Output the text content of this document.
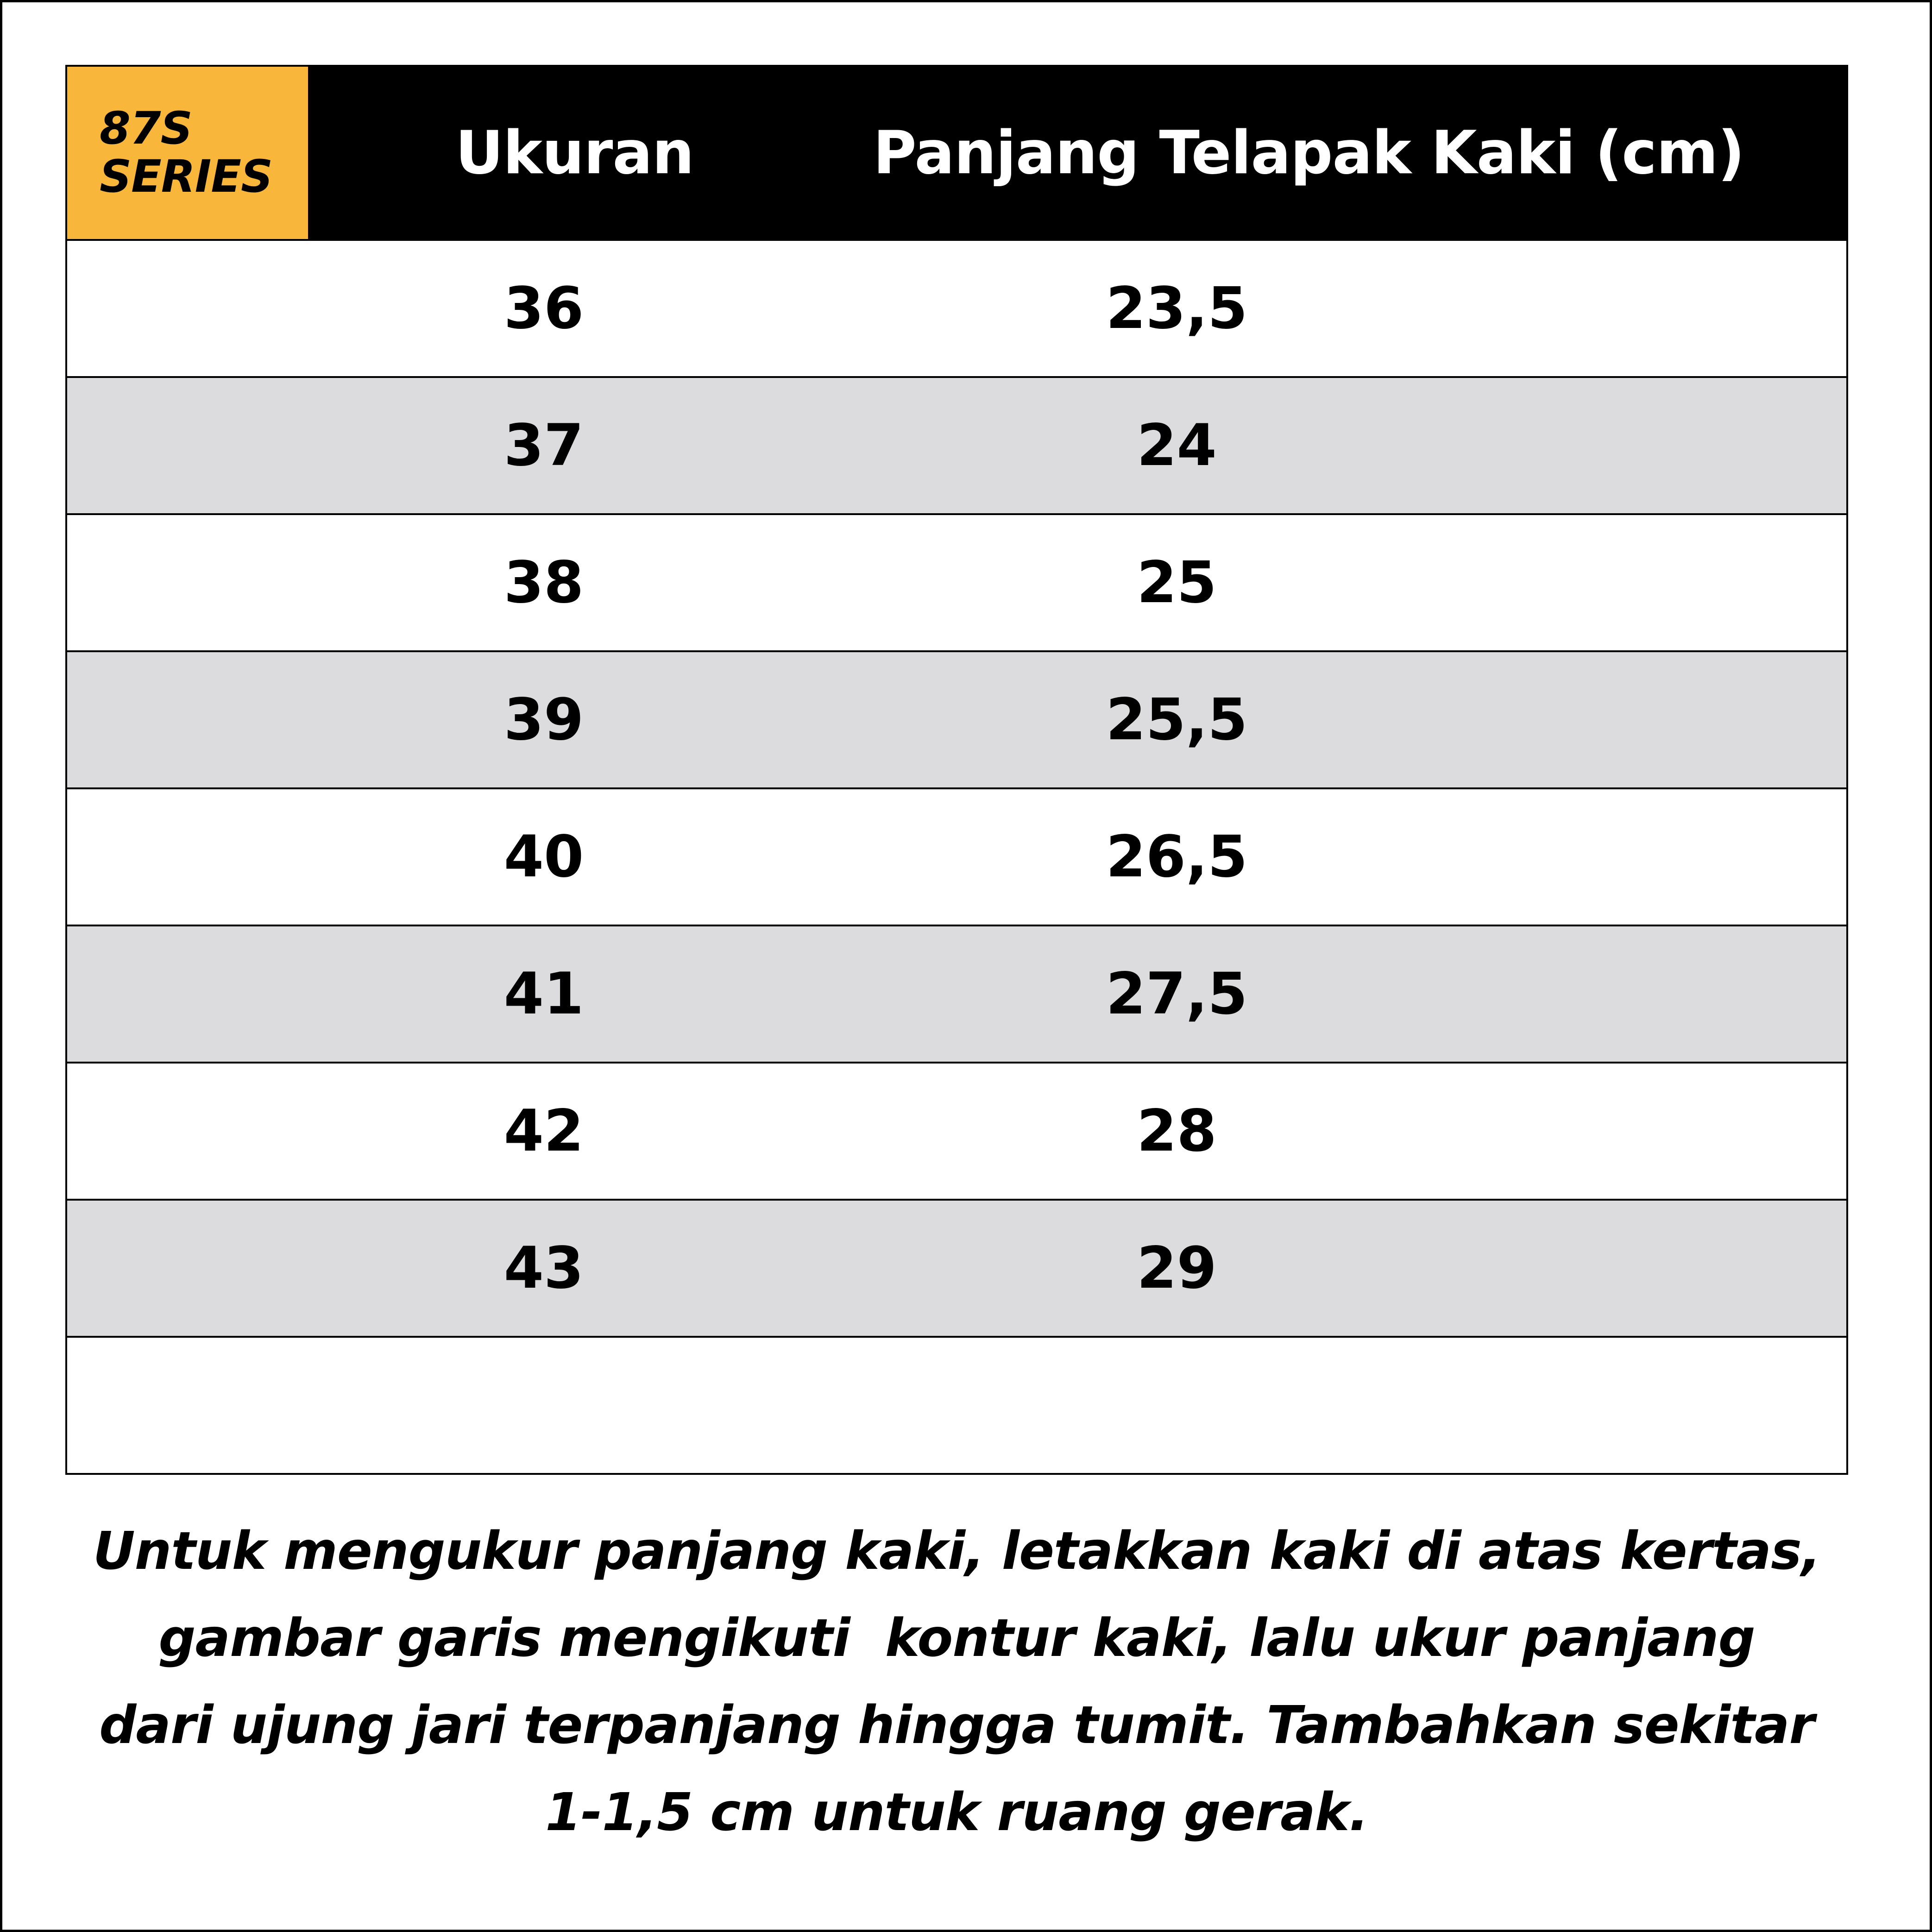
87S
SERIES	Ukuran	Panjang Telapak Kaki (cm)
36		23,5
37		24
38		25
39		25,5
40		26,5
41		27,5
42		28
43		29

Untuk mengukur panjang kaki, letakkan kaki di atas kertas,
gambar garis mengikuti  kontur kaki, lalu ukur panjang
dari ujung jari terpanjang hingga tumit. Tambahkan sekitar
1-1,5 cm untuk ruang gerak.
